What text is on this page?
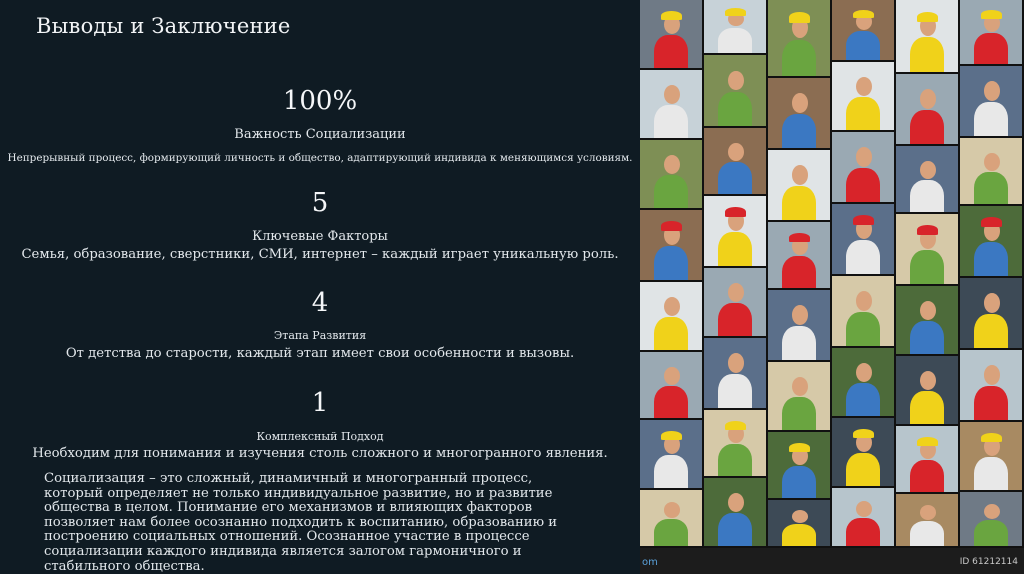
Выводы и Заключение
100%
Важность Социализации
Непрерывный процесс, формирующий личность и общество, адаптирующий индивида к меняющимся условиям.
5
Ключевые Факторы
Семья, образование, сверстники, СМИ, интернет – каждый играет уникальную роль.
4
Этапа Развития
От детства до старости, каждый этап имеет свои особенности и вызовы.
1
Комплексный Подход
Необходим для понимания и изучения столь сложного и многогранного явления.
Социализация – это сложный, динамичный и многогранный процесс, который определяет не только индивидуальное развитие, но и развитие общества в целом. Понимание его механизмов и влияющих факторов позволяет нам более осознанно подходить к воспитанию, образованию и построению социальных отношений. Осознанное участие в процессе социализации каждого индивида является залогом гармоничного и стабильного общества.	om	ID 61212114
